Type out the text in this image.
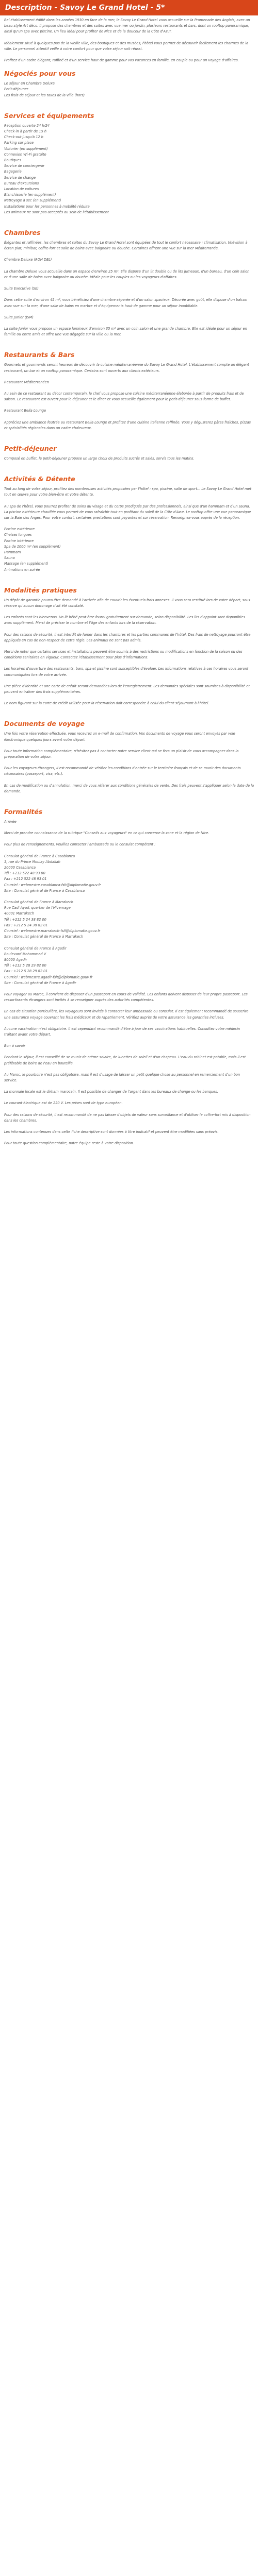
Description - Savoy Le Grand Hotel - 5*

Bel établissement édifié dans les années 1930 en face de la mer, le Savoy Le Grand Hotel vous accueille sur la Promenade des Anglais, avec un beau style Art déco. Il propose des chambres et des suites avec vue mer ou jardin, plusieurs restaurants et bars, dont un rooftop panoramique, ainsi qu'un spa avec piscine. Un lieu idéal pour profiter de Nice et de la douceur de la Côte d'Azur.

Idéalement situé à quelques pas de la vieille ville, des boutiques et des musées, l'hôtel vous permet de découvrir facilement les charmes de la ville. Le personnel attentif veille à votre confort pour que votre séjour soit réussi.

Profitez d'un cadre élégant, raffiné et d'un service haut de gamme pour vos vacances en famille, en couple ou pour un voyage d'affaires.

Négociés pour vous

Le séjour en Chambre Deluxe
Petit-déjeuner
Les frais de séjour et les taxes de la ville (hors)

Services et équipements

Réception ouverte 24 h/24
Check-in à partir de 15 h
Check-out jusqu'à 12 h
Parking sur place
Voiturier (en supplément)
Connexion Wi-Fi gratuite
Boutiques
Service de conciergerie
Bagagerie
Service de change
Bureau d'excursions
Location de voitures
Blanchisserie (en supplément)
Nettoyage à sec (en supplément)
Installations pour les personnes à mobilité réduite
Les animaux ne sont pas acceptés au sein de l'établissement

Chambres

Élégantes et raffinées, les chambres et suites du Savoy Le Grand Hotel sont équipées de tout le confort nécessaire : climatisation, télévision à écran plat, minibar, coffre-fort et salle de bains avec baignoire ou douche. Certaines offrent une vue sur la mer Méditerranée.

Chambre Deluxe (ROH DEL)

La chambre Deluxe vous accueille dans un espace d'environ 25 m². Elle dispose d'un lit double ou de lits jumeaux, d'un bureau, d'un coin salon et d'une salle de bains avec baignoire ou douche. Idéale pour les couples ou les voyageurs d'affaires.

Suite Executive (SE)

Dans cette suite d'environ 45 m², vous bénéficiez d'une chambre séparée et d'un salon spacieux. Décorée avec goût, elle dispose d'un balcon avec vue sur la mer, d'une salle de bains en marbre et d'équipements haut de gamme pour un séjour inoubliable.

Suite Junior (JSM)

La suite Junior vous propose un espace lumineux d'environ 35 m² avec un coin salon et une grande chambre. Elle est idéale pour un séjour en famille ou entre amis et offre une vue dégagée sur la ville ou la mer.

Restaurants & Bars

Gourmets et gourmands seront heureux de découvrir la cuisine méditerranéenne du Savoy Le Grand Hotel. L'établissement compte un élégant restaurant, un bar et un rooftop panoramique. Certains sont ouverts aux clients extérieurs.

Restaurant Méditerranéen

Au sein de ce restaurant au décor contemporain, le chef vous propose une cuisine méditerranéenne élaborée à partir de produits frais et de saison. Le restaurant est ouvert pour le déjeuner et le dîner et vous accueille également pour le petit-déjeuner sous forme de buffet.

Restaurant Bella Lounge

Appréciez une ambiance feutrée au restaurant Bella Lounge et profitez d'une cuisine italienne raffinée. Vous y dégusterez pâtes fraîches, pizzas et spécialités régionales dans un cadre chaleureux.

Petit-déjeuner

Composé en buffet, le petit-déjeuner propose un large choix de produits sucrés et salés, servis tous les matins.

Activités & Détente

Tout au long de votre séjour, profitez des nombreuses activités proposées par l'hôtel : spa, piscine, salle de sport... Le Savoy Le Grand Hotel met tout en œuvre pour votre bien-être et votre détente.

Au spa de l'hôtel, vous pourrez profiter de soins du visage et du corps prodigués par des professionnels, ainsi que d'un hammam et d'un sauna. La piscine extérieure chauffée vous permet de vous rafraîchir tout en profitant du soleil de la Côte d'Azur. Le rooftop offre une vue panoramique sur la Baie des Anges. Pour votre confort, certaines prestations sont payantes et sur réservation. Renseignez-vous auprès de la réception.

Piscine extérieure
Chaises longues
Piscine intérieure
Spa de 1000 m² (en supplément)
Hammam
Sauna
Massage (en supplément)
Animations en soirée

Modalités pratiques

Un dépôt de garantie pourra être demandé à l'arrivée afin de couvrir les éventuels frais annexes. Il vous sera restitué lors de votre départ, sous réserve qu'aucun dommage n'ait été constaté.

Les enfants sont les bienvenus. Un lit bébé peut être fourni gratuitement sur demande, selon disponibilité. Les lits d'appoint sont disponibles avec supplément. Merci de préciser le nombre et l'âge des enfants lors de la réservation.

Pour des raisons de sécurité, il est interdit de fumer dans les chambres et les parties communes de l'hôtel. Des frais de nettoyage pourront être appliqués en cas de non-respect de cette règle. Les animaux ne sont pas admis.

Merci de noter que certains services et installations peuvent être soumis à des restrictions ou modifications en fonction de la saison ou des conditions sanitaires en vigueur. Contactez l'établissement pour plus d'informations.

Les horaires d'ouverture des restaurants, bars, spa et piscine sont susceptibles d'évoluer. Les informations relatives à ces horaires vous seront communiquées lors de votre arrivée.

Une pièce d'identité et une carte de crédit seront demandées lors de l'enregistrement. Les demandes spéciales sont soumises à disponibilité et peuvent entraîner des frais supplémentaires.

Le nom figurant sur la carte de crédit utilisée pour la réservation doit correspondre à celui du client séjournant à l'hôtel.

Documents de voyage

Une fois votre réservation effectuée, vous recevrez un e-mail de confirmation. Vos documents de voyage vous seront envoyés par voie électronique quelques jours avant votre départ.

Pour toute information complémentaire, n'hésitez pas à contacter notre service client qui se fera un plaisir de vous accompagner dans la préparation de votre séjour.

Pour les voyageurs étrangers, il est recommandé de vérifier les conditions d'entrée sur le territoire français et de se munir des documents nécessaires (passeport, visa, etc.).

En cas de modification ou d'annulation, merci de vous référer aux conditions générales de vente. Des frais peuvent s'appliquer selon la date de la demande.

Formalités

Arrivée

Merci de prendre connaissance de la rubrique "Conseils aux voyageurs" en ce qui concerne la zone et la région de Nice.

Pour plus de renseignements, veuillez contacter l'ambassade ou le consulat compétent :

Consulat général de France à Casablanca
1, rue du Prince Moulay Abdallah
20000 Casablanca
Tél : +212 522 48 93 00
Fax : +212 522 48 93 01
Courriel : webmestre.casablanca-fslt@diplomatie.gouv.fr
Site : Consulat général de France à Casablanca

Consulat général de France à Marrakech
Rue Cadi Ayad, quartier de l'Hivernage
40001 Marrakech
Tél : +212 5 24 38 82 00
Fax : +212 5 24 38 82 01
Courriel : webmestre.marrakech-fslt@diplomatie.gouv.fr
Site : Consulat général de France à Marrakech

Consulat général de France à Agadir
Boulevard Mohammed V
80000 Agadir
Tél : +212 5 28 29 82 00
Fax : +212 5 28 29 82 01
Courriel : webmestre.agadir-fslt@diplomatie.gouv.fr
Site : Consulat général de France à Agadir

Pour voyager au Maroc, il convient de disposer d'un passeport en cours de validité. Les enfants doivent disposer de leur propre passeport. Les ressortissants étrangers sont invités à se renseigner auprès des autorités compétentes.

En cas de situation particulière, les voyageurs sont invités à contacter leur ambassade ou consulat. Il est également recommandé de souscrire une assurance voyage couvrant les frais médicaux et de rapatriement. Vérifiez auprès de votre assurance les garanties incluses.

Aucune vaccination n'est obligatoire. Il est cependant recommandé d'être à jour de ses vaccinations habituelles. Consultez votre médecin traitant avant votre départ.

Bon à savoir

Pendant le séjour, il est conseillé de se munir de crème solaire, de lunettes de soleil et d'un chapeau. L'eau du robinet est potable, mais il est préférable de boire de l'eau en bouteille.

Au Maroc, le pourboire n'est pas obligatoire, mais il est d'usage de laisser un petit quelque chose au personnel en remerciement d'un bon service.

La monnaie locale est le dirham marocain. Il est possible de changer de l'argent dans les bureaux de change ou les banques.

Le courant électrique est de 220 V. Les prises sont de type européen.

Pour des raisons de sécurité, il est recommandé de ne pas laisser d'objets de valeur sans surveillance et d'utiliser le coffre-fort mis à disposition dans les chambres.

Les informations contenues dans cette fiche descriptive sont données à titre indicatif et peuvent être modifiées sans préavis.

Pour toute question complémentaire, notre équipe reste à votre disposition.
